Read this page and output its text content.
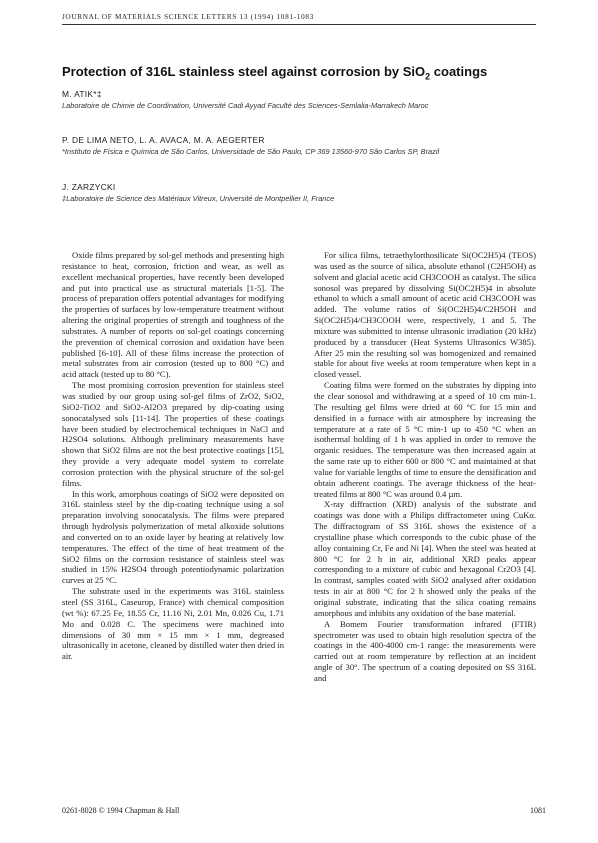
JOURNAL OF MATERIALS SCIENCE LETTERS 13 (1994) 1081-1083
Protection of 316L stainless steel against corrosion by SiO$_2$ coatings
M. ATIK*‡
Laboratoire de Chimie de Coordination, Université Cadi Ayyad Faculté des Sciences-Semlalia-Marrakech Maroc
P. DE LIMA NETO, L. A. AVACA, M. A. AEGERTER
*Instituto de Física e Química de São Carlos, Universidade de São Paulo, CP 369 13560-970 São Carlos SP, Brazil
J. ZARZYCKI
‡Laboratoire de Science des Matériaux Vitreux, Université de Montpellier II, France

Oxide films prepared by sol-gel methods and presenting high resistance to heat, corrosion, friction and wear, as well as excellent mechanical properties, have recently been developed and put into practical use as structural materials [1-5]. The process of preparation offers potential advantages for modifying the properties of surfaces by low-temperature treatment without altering the original properties of strength and toughness of the substrates. A number of reports on sol-gel coatings concerning the prevention of chemical corrosion and oxidation have been published [6-10]. All of these films increase the protection of metal substrates from air corrosion (tested up to 800 °C) and acid attack (tested up to 80 °C).

The most promising corrosion prevention for stainless steel was studied by our group using sol-gel films of ZrO2, SiO2, SiO2-TiO2 and SiO2-Al2O3 prepared by dip-coating using sonocatalysed sols [11-14]. The properties of these coatings have been studied by electrochemical techniques in NaCl and H2SO4 solutions. Although preliminary measurements have shown that SiO2 films are not the best protective coatings [15], they provide a very adequate model system to correlate corrosion protection with the physical structure of the sol-gel films.

In this work, amorphous coatings of SiO2 were deposited on 316L stainless steel by the dip-coating technique using a sol preparation involving sonocatalysis. The films were prepared through hydrolysis polymerization of metal alkoxide solutions and converted on to an oxide layer by heating at relatively low temperatures. The effect of the time of heat treatment of the SiO2 films on the corrosion resistance of stainless steel was studied in 15% H2SO4 through potentiodynamic polarization curves at 25 °C.

The substrate used in the experiments was 316L stainless steel (SS 316L, Caseurop, France) with chemical composition (wt %): 67.25 Fe, 18.55 Cr, 11.16 Ni, 2.01 Mn, 0.026 Cu, 1.71 Mo and 0.028 C. The specimens were machined into dimensions of 30 mm × 15 mm × 1 mm, degreased ultrasonically in acetone, cleaned by distilled water then dried in air.

For silica films, tetraethylorthosilicate Si(OC2H5)4 (TEOS) was used as the source of silica, absolute ethanol (C2H5OH) as solvent and glacial acetic acid CH3COOH as catalyst. The silica sonosol was prepared by dissolving Si(OC2H5)4 in absolute ethanol to which a small amount of acetic acid CH3COOH was added. The volume ratios of Si(OC2H5)4/C2H5OH and Si(OC2H5)4/CH3COOH were, respectively, 1 and 5. The mixture was submitted to intense ultrasonic irradiation (20 kHz) produced by a transducer (Heat Systems Ultrasonics W385). After 25 min the resulting sol was homogenized and remained stable for about five weeks at room temperature when kept in a closed vessel.

Coating films were formed on the substrates by dipping into the clear sonosol and withdrawing at a speed of 10 cm min-1. The resulting gel films were dried at 60 °C for 15 min and densified in a furnace with air atmosphere by increasing the temperature at a rate of 5 °C min-1 up to 450 °C when an isothermal holding of 1 h was applied in order to remove the organic residues. The temperature was then increased again at the same rate up to either 600 or 800 °C and maintained at that value for variable lengths of time to ensure the densification and obtain adherent coatings. The average thickness of the heat-treated films at 800 °C was around 0.4 µm.

X-ray diffraction (XRD) analysis of the substrate and coatings was done with a Philips diffractometer using CuKα. The diffractogram of SS 316L shows the existence of a crystalline phase which corresponds to the cubic phase of the alloy containing Cr, Fe and Ni [4]. When the steel was heated at 800 °C for 2 h in air, additional XRD peaks appear corresponding to a mixture of cubic and hexagonal Cr2O3 [4]. In contrast, samples coated with SiO2 analysed after oxidation tests in air at 800 °C for 2 h showed only the peaks of the original substrate, indicating that the silica coating remains amorphous and inhibits any oxidation of the base material.

A Bomem Fourier transformation infrared (FTIR) spectrometer was used to obtain high resolution spectra of the coatings in the 400-4000 cm-1 range: the measurements were carried out at room temperature by reflection at an incident angle of 30°. The spectrum of a coating deposited on SS 316L and

0261-8028 © 1994 Chapman & Hall	1081
